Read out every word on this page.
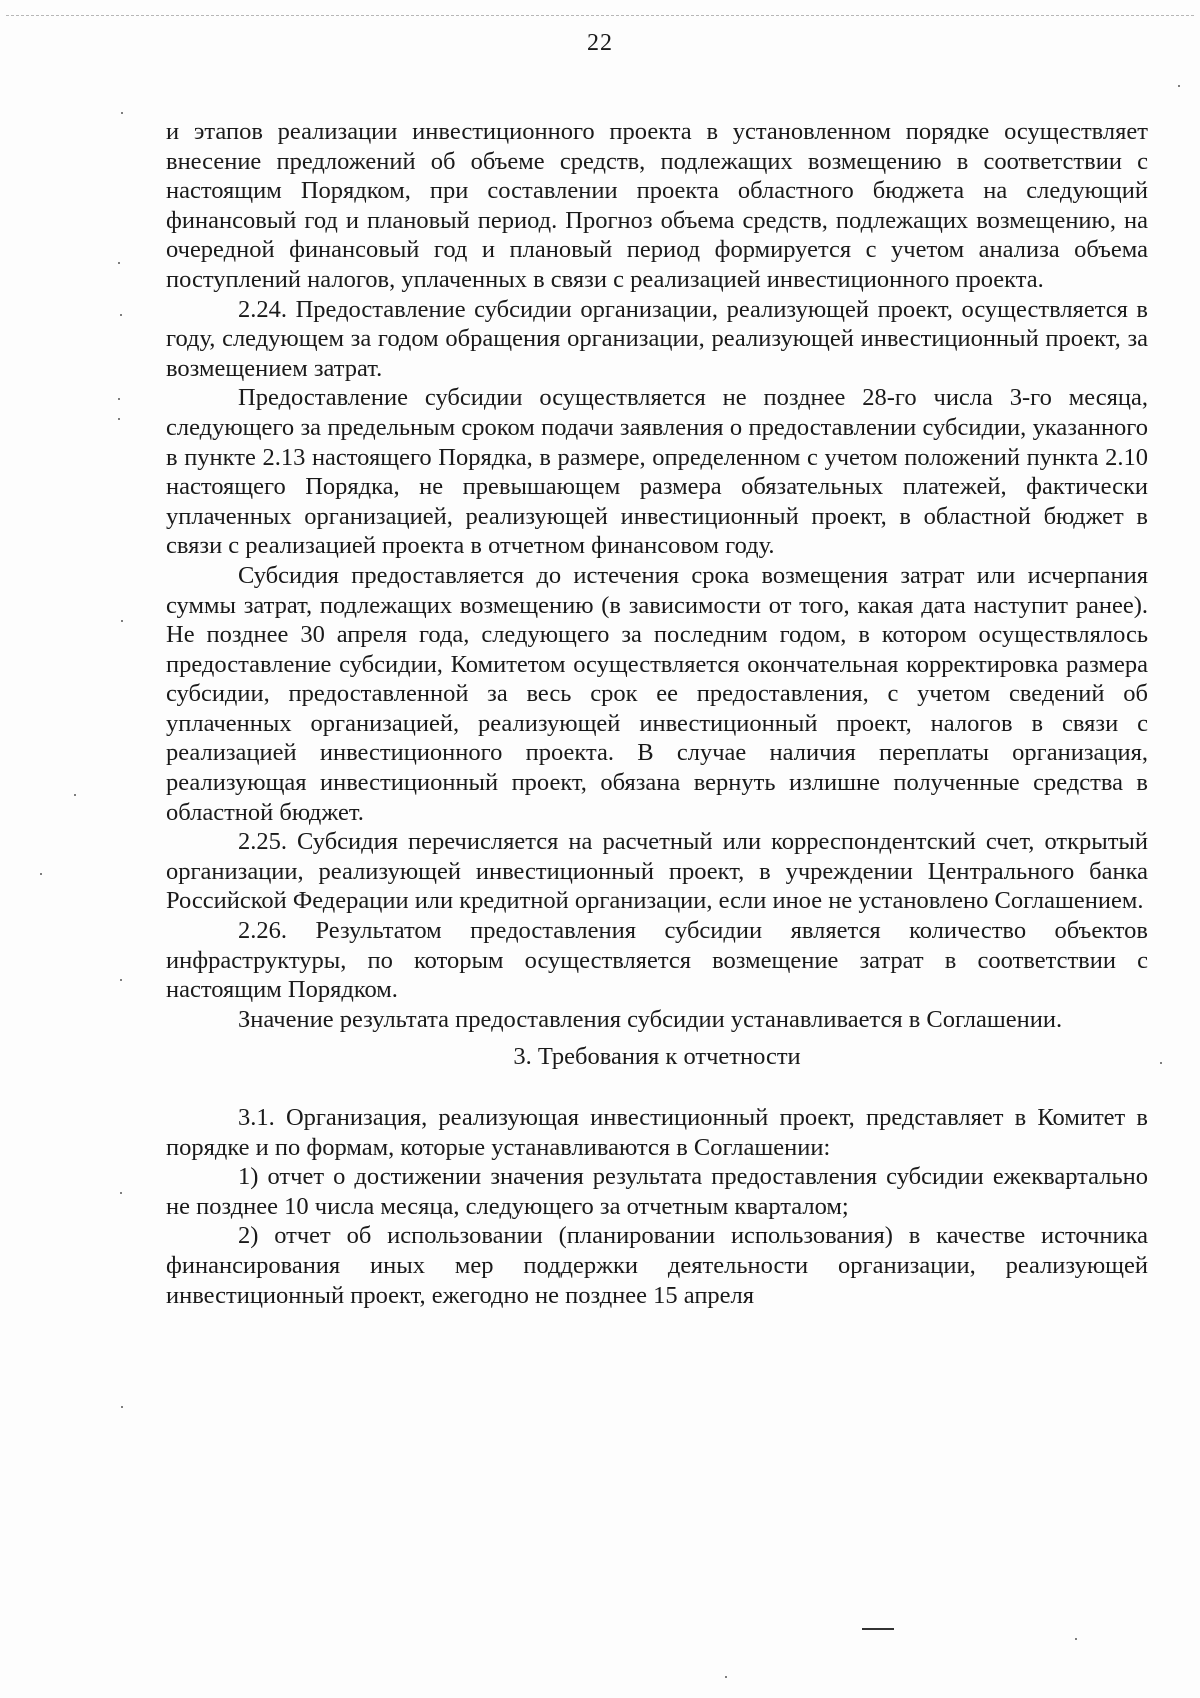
22

и этапов реализации инвестиционного проекта в установленном порядке осуществляет внесение предложений об объеме средств, подлежащих возмещению в соответствии с настоящим Порядком, при составлении проекта областного бюджета на следующий финансовый год и плановый период. Прогноз объема средств, подлежащих возмещению, на очередной финансовый год и плановый период формируется с учетом анализа объема поступлений налогов, уплаченных в связи с реализацией инвестиционного проекта.

2.24. Предоставление субсидии организации, реализующей проект, осуществляется в году, следующем за годом обращения организации, реализующей инвестиционный проект, за возмещением затрат.

Предоставление субсидии осуществляется не позднее 28-го числа 3-го месяца, следующего за предельным сроком подачи заявления о предоставлении субсидии, указанного в пункте 2.13 настоящего Порядка, в размере, определенном с учетом положений пункта 2.10 настоящего Порядка, не превышающем размера обязательных платежей, фактически уплаченных организацией, реализующей инвестиционный проект, в областной бюджет в связи с реализацией проекта в отчетном финансовом году.

Субсидия предоставляется до истечения срока возмещения затрат или исчерпания суммы затрат, подлежащих возмещению (в зависимости от того, какая дата наступит ранее). Не позднее 30 апреля года, следующего за последним годом, в котором осуществлялось предоставление субсидии, Комитетом осуществляется окончательная корректировка размера субсидии, предоставленной за весь срок ее предоставления, с учетом сведений об уплаченных организацией, реализующей инвестиционный проект, налогов в связи с реализацией инвестиционного проекта. В случае наличия переплаты организация, реализующая инвестиционный проект, обязана вернуть излишне полученные средства в областной бюджет.

2.25. Субсидия перечисляется на расчетный или корреспондентский счет, открытый организации, реализующей инвестиционный проект, в учреждении Центрального банка Российской Федерации или кредитной организации, если иное не установлено Соглашением.

2.26. Результатом предоставления субсидии является количество объектов инфраструктуры, по которым осуществляется возмещение затрат в соответствии с настоящим Порядком.

Значение результата предоставления субсидии устанавливается в Соглашении.

3. Требования к отчетности

3.1. Организация, реализующая инвестиционный проект, представляет в Комитет в порядке и по формам, которые устанавливаются в Соглашении:

1) отчет о достижении значения результата предоставления субсидии ежеквартально не позднее 10 числа месяца, следующего за отчетным кварталом;

2) отчет об использовании (планировании использования) в качестве источника финансирования иных мер поддержки деятельности организации, реализующей инвестиционный проект, ежегодно не позднее 15 апреля
